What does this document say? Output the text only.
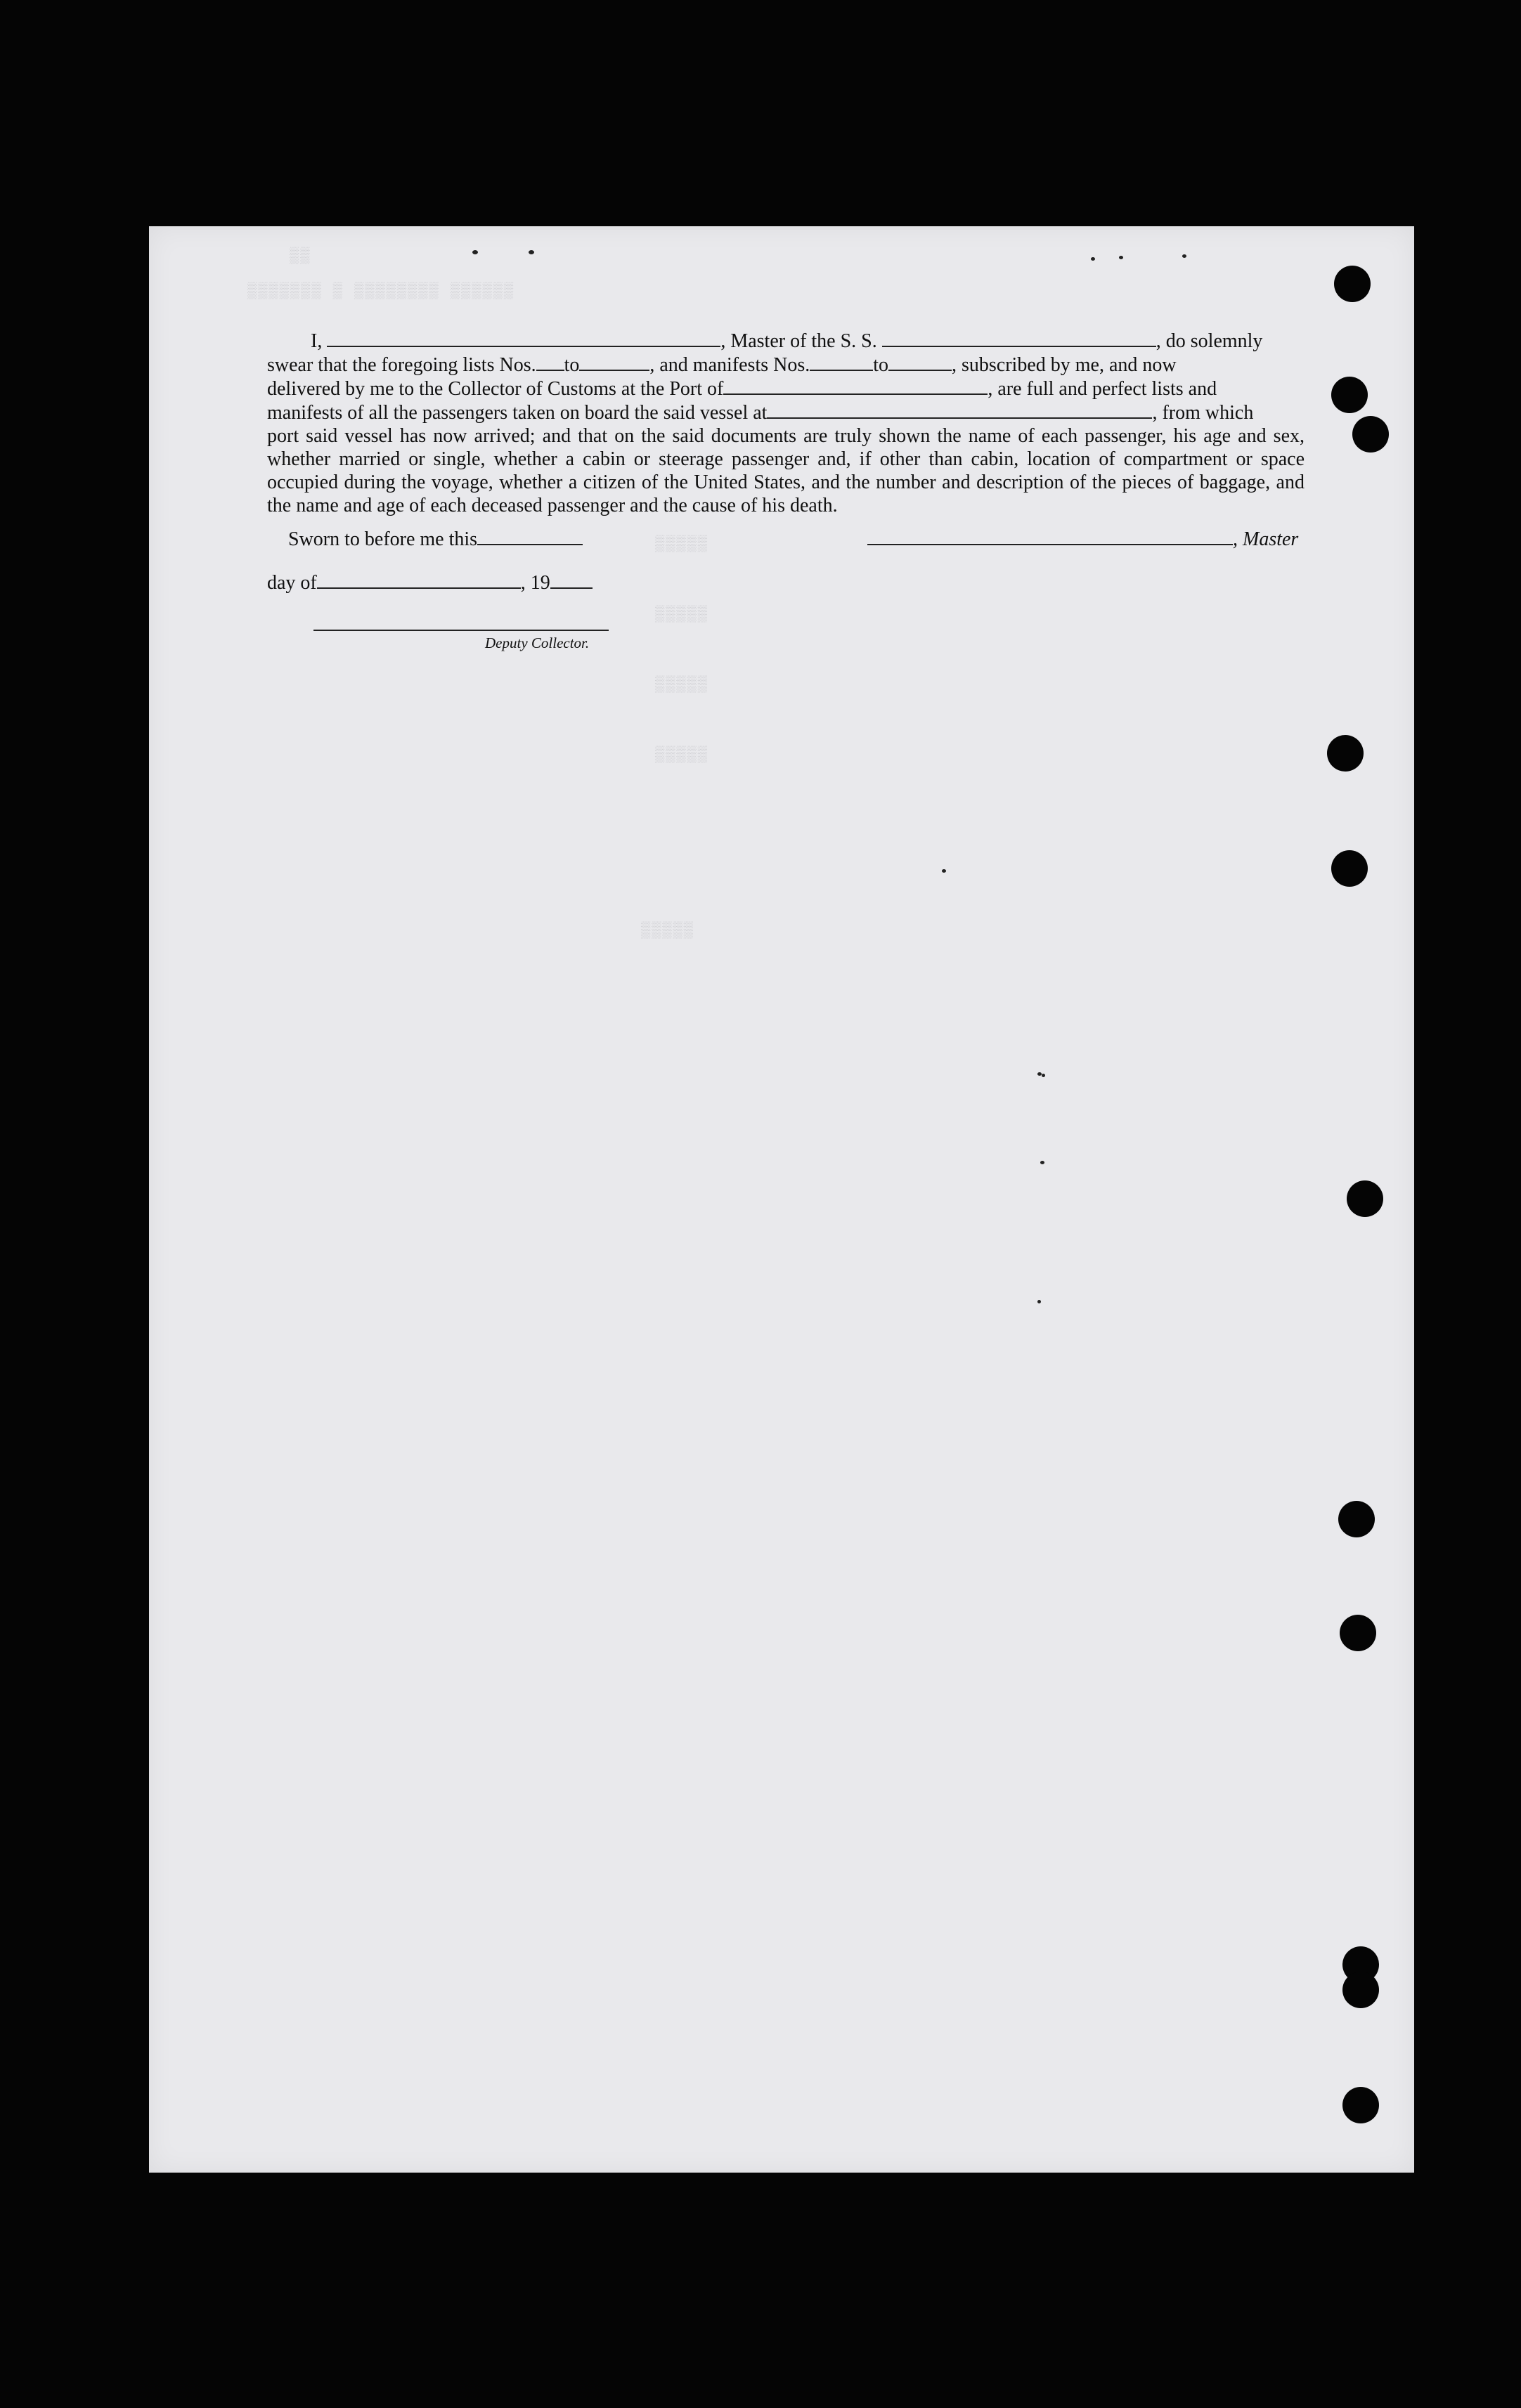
▒▒
▒▒▒▒▒▒▒ ▒ ▒▒▒▒▒▒▒▒ ▒▒▒▒▒▒
▒▒▒▒▒
▒▒▒▒▒
▒▒▒▒▒
▒▒▒▒▒
▒▒▒▒▒

I,	, Master of the S. S.	, do solemnly

swear that the foregoing lists Nos. to	, and manifests Nos.	to	, subscribed by me, and now

delivered by me to the Collector of Customs at the Port of	, are full and perfect lists and

manifests of all the passengers taken on board the said vessel at	, from which

port said vessel has now arrived; and that on the said documents are truly shown the name of each passenger, his age and sex, whether married or single, whether a cabin or steerage passenger and, if other than cabin, location of compartment or space occupied during the voyage, whether a citizen of the United States, and the number and description of the pieces of baggage, and the name and age of each deceased passenger and the cause of his death.

Sworn to before me this	, Master
day of	, 19
Deputy Collector.
